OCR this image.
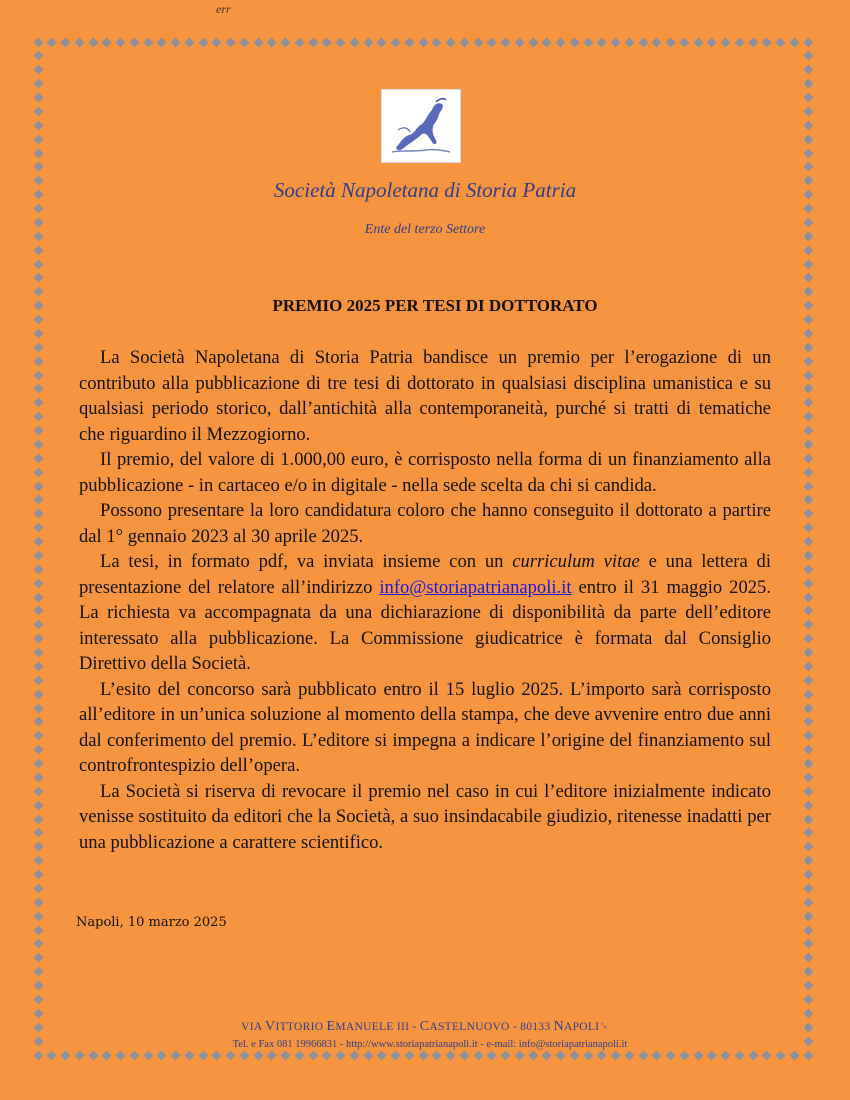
err
Società Napoletana di Storia Patria
Ente del terzo Settore
PREMIO 2025 PER TESI DI DOTTORATO

La Società Napoletana di Storia Patria bandisce un premio per l’erogazione di un contributo alla pubblicazione di tre tesi di dottorato in qualsiasi disciplina umanistica e su qualsiasi periodo storico, dall’antichità alla contemporaneità, purché si tratti di tematiche che riguardino il Mezzogiorno.

Il premio, del valore di 1.000,00 euro, è corrisposto nella forma di un finanziamento alla pubblicazione - in cartaceo e/o in digitale - nella sede scelta da chi si candida.

Possono presentare la loro candidatura coloro che hanno conseguito il dottorato a partire dal 1° gennaio 2023 al 30 aprile 2025.

La tesi, in formato pdf, va inviata insieme con un curriculum vitae e una lettera di presentazione del relatore all’indirizzo info@storiapatrianapoli.it entro il 31 maggio 2025. La richiesta va accompagnata da una dichiarazione di disponibilità da parte dell’editore interessato alla pubblicazione. La Commissione giudicatrice è formata dal Consiglio Direttivo della Società.

L’esito del concorso sarà pubblicato entro il 15 luglio 2025. L’importo sarà corrisposto all’editore in un’unica soluzione al momento della stampa, che deve avvenire entro due anni dal conferimento del premio. L’editore si impegna a indicare l’origine del finanziamento sul controfrontespizio dell’opera.

La Società si riserva di revocare il premio nel caso in cui l’editore inizialmente indicato venisse sostituito da editori che la Società, a suo insindacabile giudizio, ritenesse inadatti per una pubblicazione a carattere scientifico.

Napoli, 10 marzo 2025
VIA VITTORIO EMANUELE III - CASTELNUOVO - 80133 NAPOLI␍
Tel. e Fax 081 19966831 - http://www.storiapatrianapoli.it - e-mail: info@storiapatrianapoli.it
